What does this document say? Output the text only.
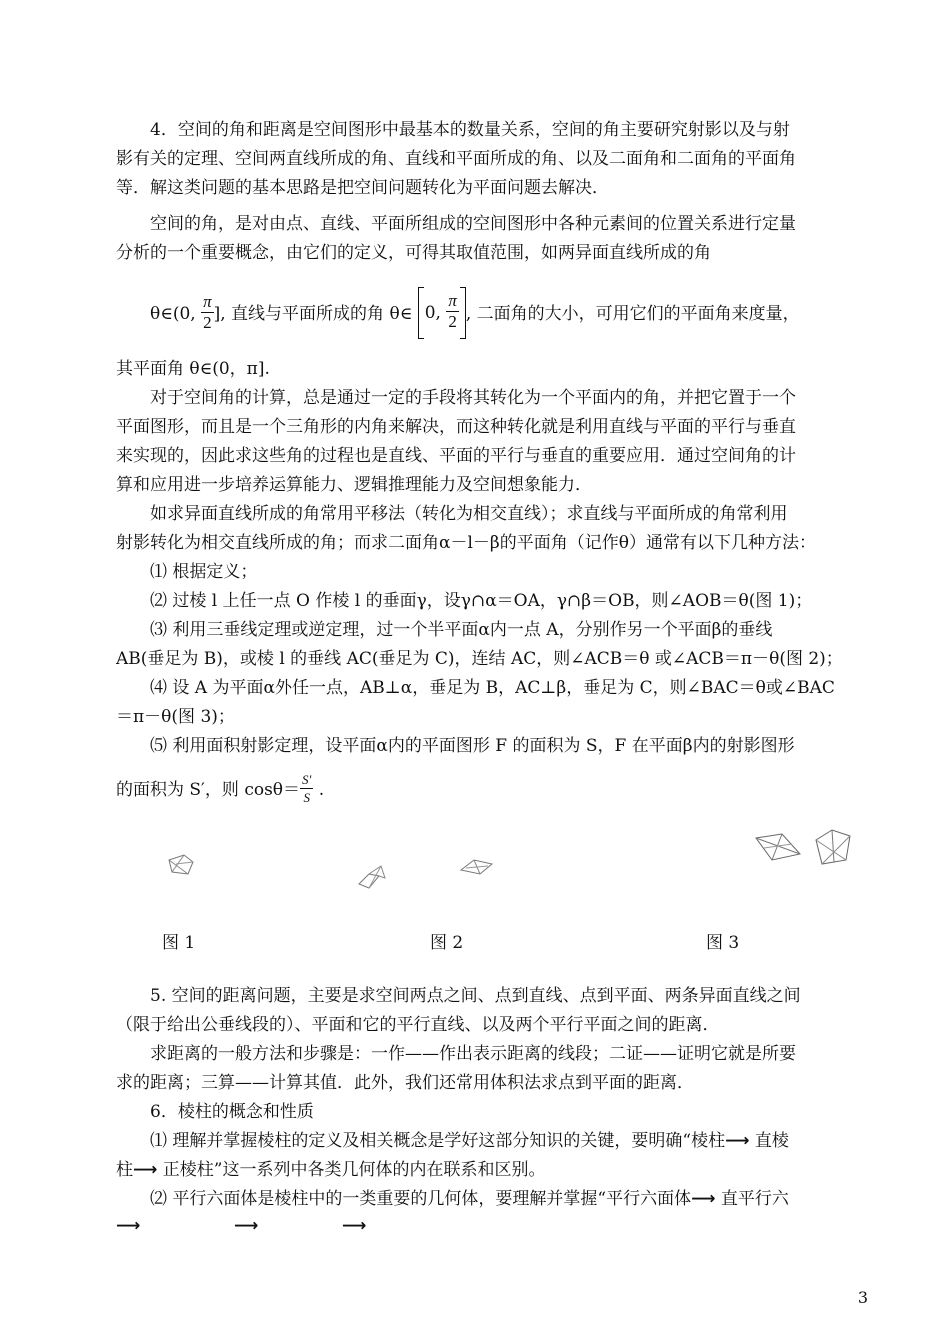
4．空间的角和距离是空间图形中最基本的数量关系，空间的角主要研究射影以及与射
影有关的定理、空间两直线所成的角、直线和平面所成的角、以及二面角和二面角的平面角
等．解这类问题的基本思路是把空间问题转化为平面问题去解决．
空间的角，是对由点、直线、平面所组成的空间图形中各种元素间的位置关系进行定量
分析的一个重要概念，由它们的定义，可得其取值范围，如两异面直线所成的角
θ∈(0, $\frac{\pi}{2}$ ], 直线与平面所成的角 θ∈ 0, $\frac{\pi}{2}$ , 二面角的大小，可用它们的平面角来度量，
其平面角 θ∈(0，π].
对于空间角的计算，总是通过一定的手段将其转化为一个平面内的角，并把它置于一个
平面图形，而且是一个三角形的内角来解决，而这种转化就是利用直线与平面的平行与垂直
来实现的，因此求这些角的过程也是直线、平面的平行与垂直的重要应用．通过空间角的计
算和应用进一步培养运算能力、逻辑推理能力及空间想象能力．
如求异面直线所成的角常用平移法（转化为相交直线）；求直线与平面所成的角常利用
射影转化为相交直线所成的角；而求二面角α－l－β的平面角（记作θ）通常有以下几种方法：
⑴ 根据定义；
⑵ 过棱 l 上任一点 O 作棱 l 的垂面γ，设γ∩α＝OA，γ∩β＝OB，则∠AOB＝θ(图 1)；
⑶ 利用三垂线定理或逆定理，过一个半平面α内一点 A，分别作另一个平面β的垂线
AB(垂足为 B)，或棱 l 的垂线 AC(垂足为 C)，连结 AC，则∠ACB＝θ 或∠ACB＝π－θ(图 2)；
⑷ 设 A 为平面α外任一点，AB⊥α，垂足为 B，AC⊥β，垂足为 C，则∠BAC＝θ或∠BAC
＝π－θ(图 3)；
⑸ 利用面积射影定理，设平面α内的平面图形 F 的面积为 S，F 在平面β内的射影图形
的面积为 S′，则 $\cos\theta= \frac{S'}{S}$ .
图 1	图 2	图 3
5. 空间的距离问题，主要是求空间两点之间、点到直线、点到平面、两条异面直线之间
（限于给出公垂线段的）、平面和它的平行直线、以及两个平行平面之间的距离．
求距离的一般方法和步骤是：一作——作出表示距离的线段；二证——证明它就是所要
求的距离；三算——计算其值．此外，我们还常用体积法求点到平面的距离．
6．棱柱的概念和性质
⑴ 理解并掌握棱柱的定义及相关概念是学好这部分知识的关键，要明确“棱柱⟶ 直棱
柱⟶ 正棱柱”这一系列中各类几何体的内在联系和区别。
⑵ 平行六面体是棱柱中的一类重要的几何体，要理解并掌握“平行六面体⟶ 直平行六
⟶	⟶	⟶
3
